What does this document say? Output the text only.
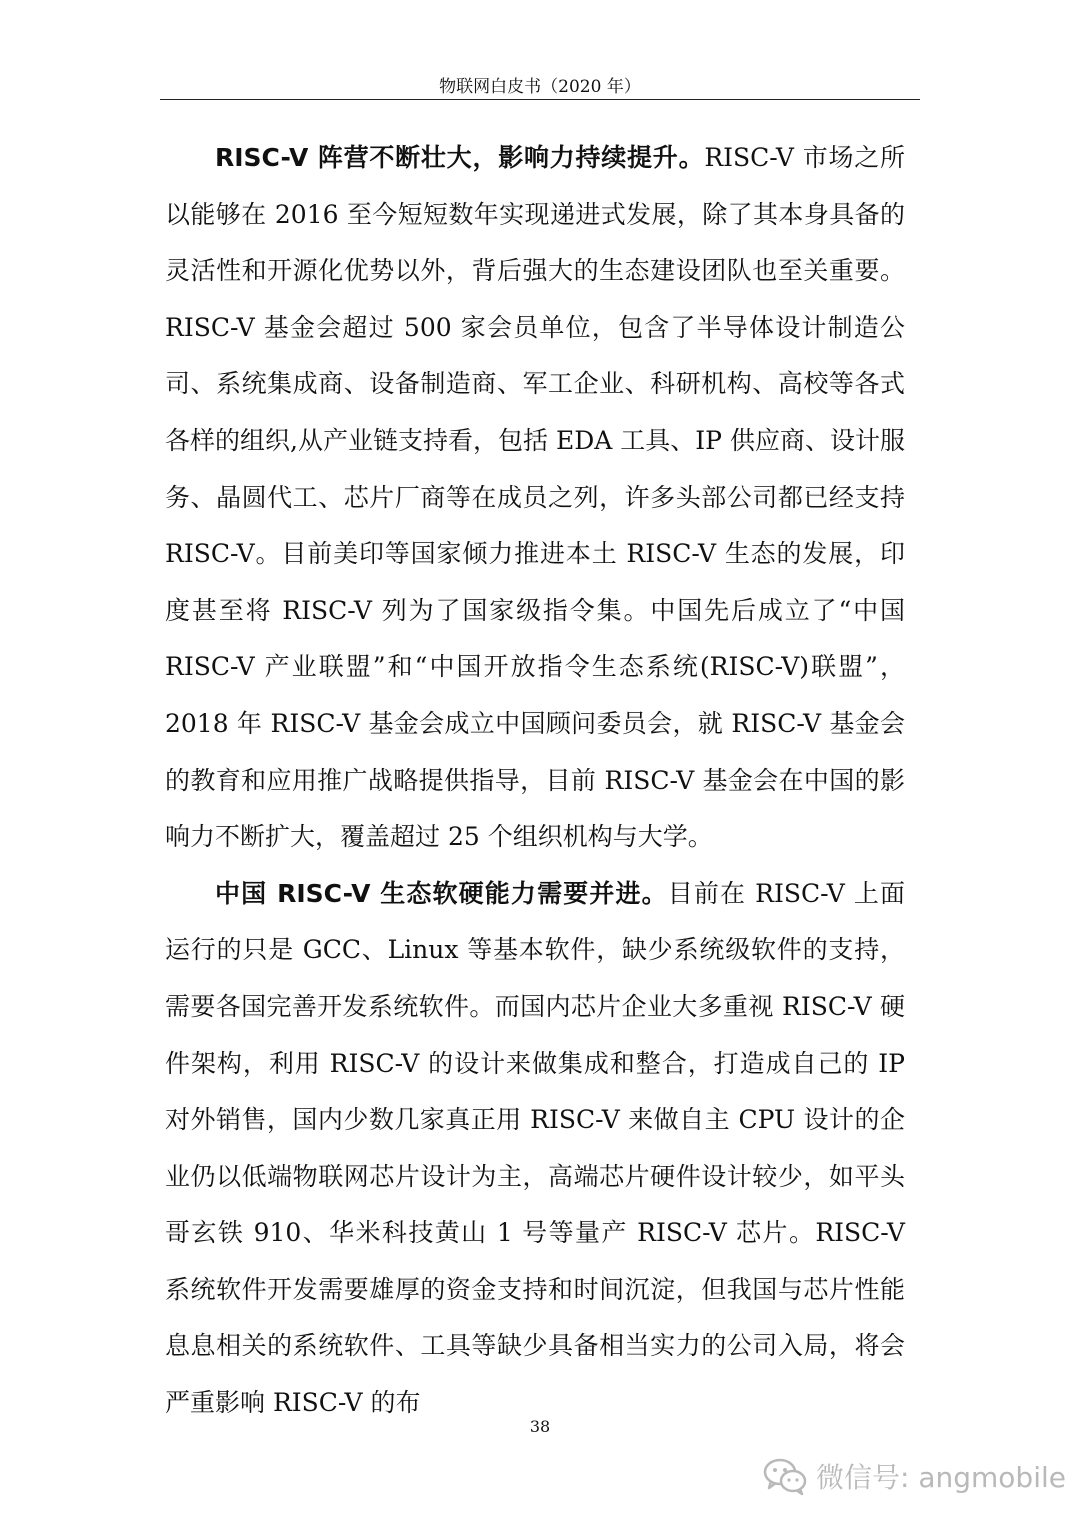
物联网白皮书（2020 年）

RISC-V 阵营不断壮大，影响力持续提升。RISC-V 市场之所以能够在 2016 至今短短数年实现递进式发展，除了其本身具备的灵活性和开源化优势以外，背后强大的生态建设团队也至关重要。RISC-V 基金会超过 500 家会员单位，包含了半导体设计制造公司、系统集成商、设备制造商、军工企业、科研机构、高校等各式各样的组织,从产业链支持看，包括 EDA 工具、IP 供应商、设计服务、晶圆代工、芯片厂商等在成员之列，许多头部公司都已经支持 RISC-V。目前美印等国家倾力推进本土 RISC-V 生态的发展，印度甚至将 RISC-V 列为了国家级指令集。中国先后成立了“中国 RISC-V 产业联盟”和“中国开放指令生态系统(RISC-V)联盟”，2018 年 RISC-V 基金会成立中国顾问委员会，就 RISC-V 基金会的教育和应用推广战略提供指导，目前 RISC-V 基金会在中国的影响力不断扩大，覆盖超过 25 个组织机构与大学。

中国 RISC-V 生态软硬能力需要并进。目前在 RISC-V 上面运行的只是 GCC、Linux 等基本软件，缺少系统级软件的支持，需要各国完善开发系统软件。而国内芯片企业大多重视 RISC-V 硬件架构，利用 RISC-V 的设计来做集成和整合，打造成自己的 IP 对外销售，国内少数几家真正用 RISC-V 来做自主 CPU 设计的企业仍以低端物联网芯片设计为主，高端芯片硬件设计较少，如平头哥玄铁 910、华米科技黄山 1 号等量产 RISC-V 芯片。RISC-V 系统软件开发需要雄厚的资金支持和时间沉淀，但我国与芯片性能息息相关的系统软件、工具等缺少具备相当实力的公司入局，将会严重影响 RISC-V 的布

38
微信号: angmobile
